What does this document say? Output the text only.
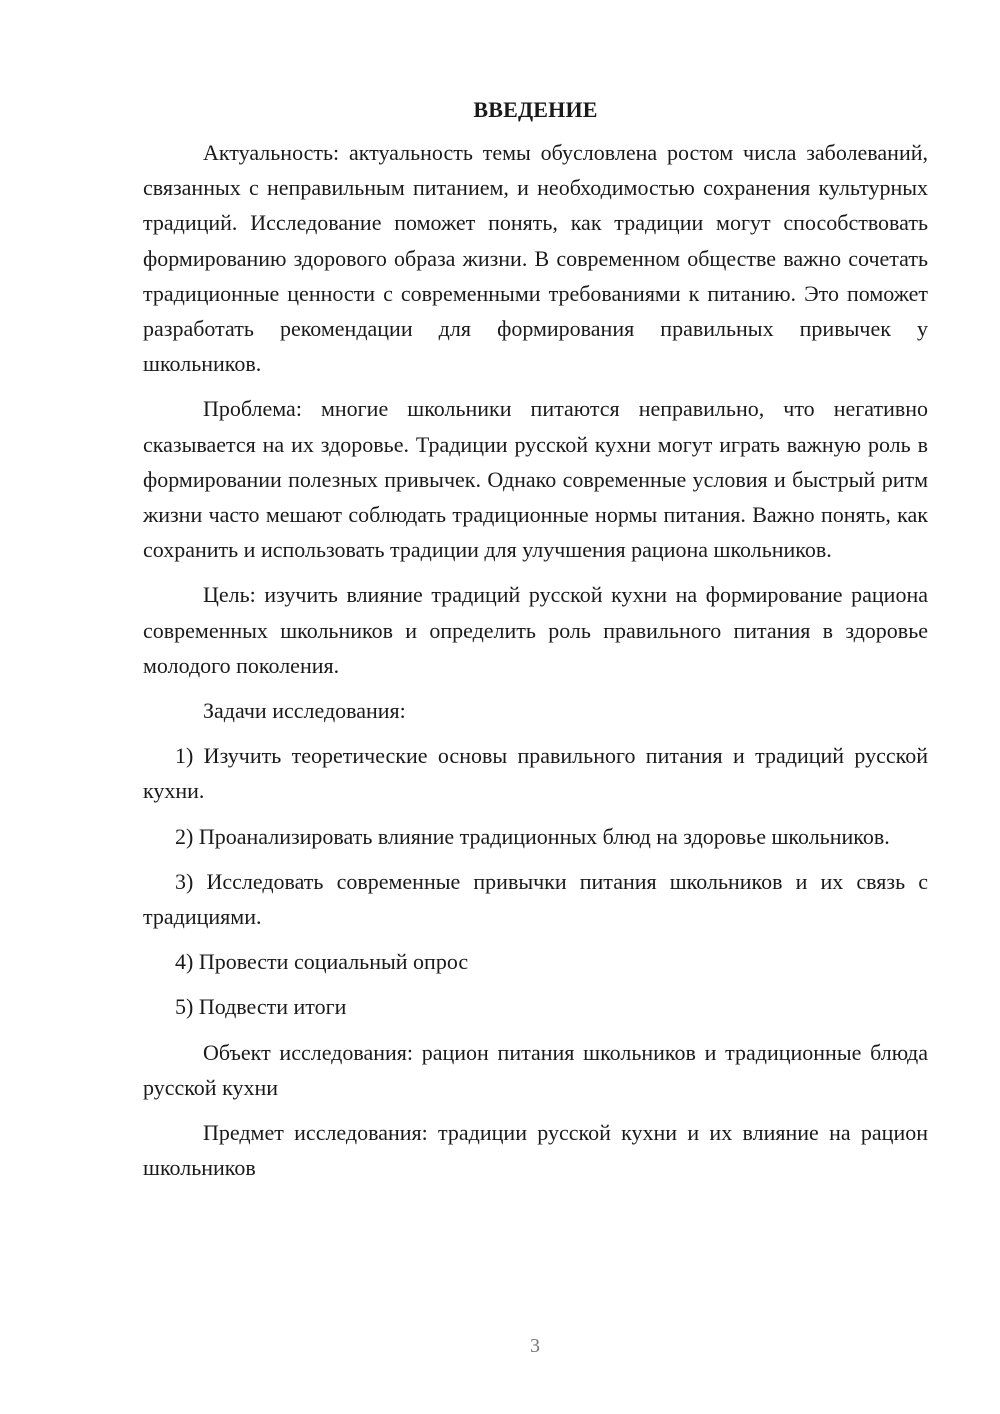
ВВЕДЕНИЕ

Актуальность: актуальность темы обусловлена ростом числа заболеваний, связанных с неправильным питанием, и необходимостью сохранения культурных традиций. Исследование поможет понять, как традиции могут способствовать формированию здорового образа жизни. В современном обществе важно сочетать традиционные ценности с современными требованиями к питанию. Это поможет разработать рекомендации для формирования правильных привычек у школьников.

Проблема: многие школьники питаются неправильно, что негативно сказывается на их здоровье. Традиции русской кухни могут играть важную роль в формировании полезных привычек. Однако современные условия и быстрый ритм жизни часто мешают соблюдать традиционные нормы питания. Важно понять, как сохранить и использовать традиции для улучшения рациона школьников.

Цель: изучить влияние традиций русской кухни на формирование рациона современных школьников и определить роль правильного питания в здоровье молодого поколения.

Задачи исследования:

1) Изучить теоретические основы правильного питания и традиций русской кухни.

2) Проанализировать влияние традиционных блюд на здоровье школьников.

3) Исследовать современные привычки питания школьников и их связь с традициями.

4) Провести социальный опрос

5) Подвести итоги

Объект исследования: рацион питания школьников и традиционные блюда русской кухни

Предмет исследования: традиции русской кухни и их влияние на рацион школьников

3
